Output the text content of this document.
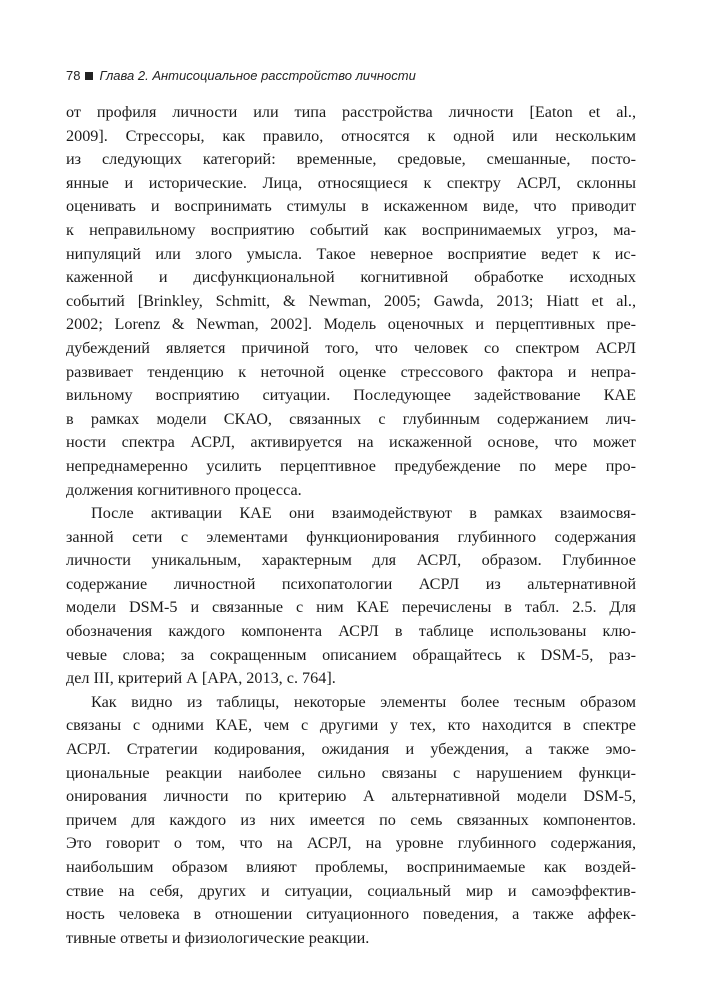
78 Глава 2. Антисоциальное расстройство личности
от профиля личности или типа расстройства личности [Eaton et al.,
2009]. Стрессоры, как правило, относятся к одной или нескольким
из следующих категорий: временные, средовые, смешанные, посто-
янные и исторические. Лица, относящиеся к спектру АСРЛ, склонны
оценивать и воспринимать стимулы в искаженном виде, что приводит
к неправильному восприятию событий как воспринимаемых угроз, ма-
нипуляций или злого умысла. Такое неверное восприятие ведет к ис-
каженной и дисфункциональной когнитивной обработке исходных
событий [Brinkley, Schmitt, & Newman, 2005; Gawda, 2013; Hiatt et al.,
2002; Lorenz & Newman, 2002]. Модель оценочных и перцептивных пре-
дубеждений является причиной того, что человек со спектром АСРЛ
развивает тенденцию к неточной оценке стрессового фактора и непра-
вильному восприятию ситуации. Последующее задействование КАЕ
в рамках модели СКАО, связанных с глубинным содержанием лич-
ности спектра АСРЛ, активируется на искаженной основе, что может
непреднамеренно усилить перцептивное предубеждение по мере про-
должения когнитивного процесса.
После активации КАЕ они взаимодействуют в рамках взаимосвя-
занной сети с элементами функционирования глубинного содержания
личности уникальным, характерным для АСРЛ, образом. Глубинное
содержание личностной психопатологии АСРЛ из альтернативной
модели DSM-5 и связанные с ним КАЕ перечислены в табл. 2.5. Для
обозначения каждого компонента АСРЛ в таблице использованы клю-
чевые слова; за сокращенным описанием обращайтесь к DSM-5, раз-
дел III, критерий А [APA, 2013, с. 764].
Как видно из таблицы, некоторые элементы более тесным образом
связаны с одними КАЕ, чем с другими у тех, кто находится в спектре
АСРЛ. Стратегии кодирования, ожидания и убеждения, а также эмо-
циональные реакции наиболее сильно связаны с нарушением функци-
онирования личности по критерию А альтернативной модели DSM-5,
причем для каждого из них имеется по семь связанных компонентов.
Это говорит о том, что на АСРЛ, на уровне глубинного содержания,
наибольшим образом влияют проблемы, воспринимаемые как воздей-
ствие на себя, других и ситуации, социальный мир и самоэффектив-
ность человека в отношении ситуационного поведения, а также аффек-
тивные ответы и физиологические реакции.
